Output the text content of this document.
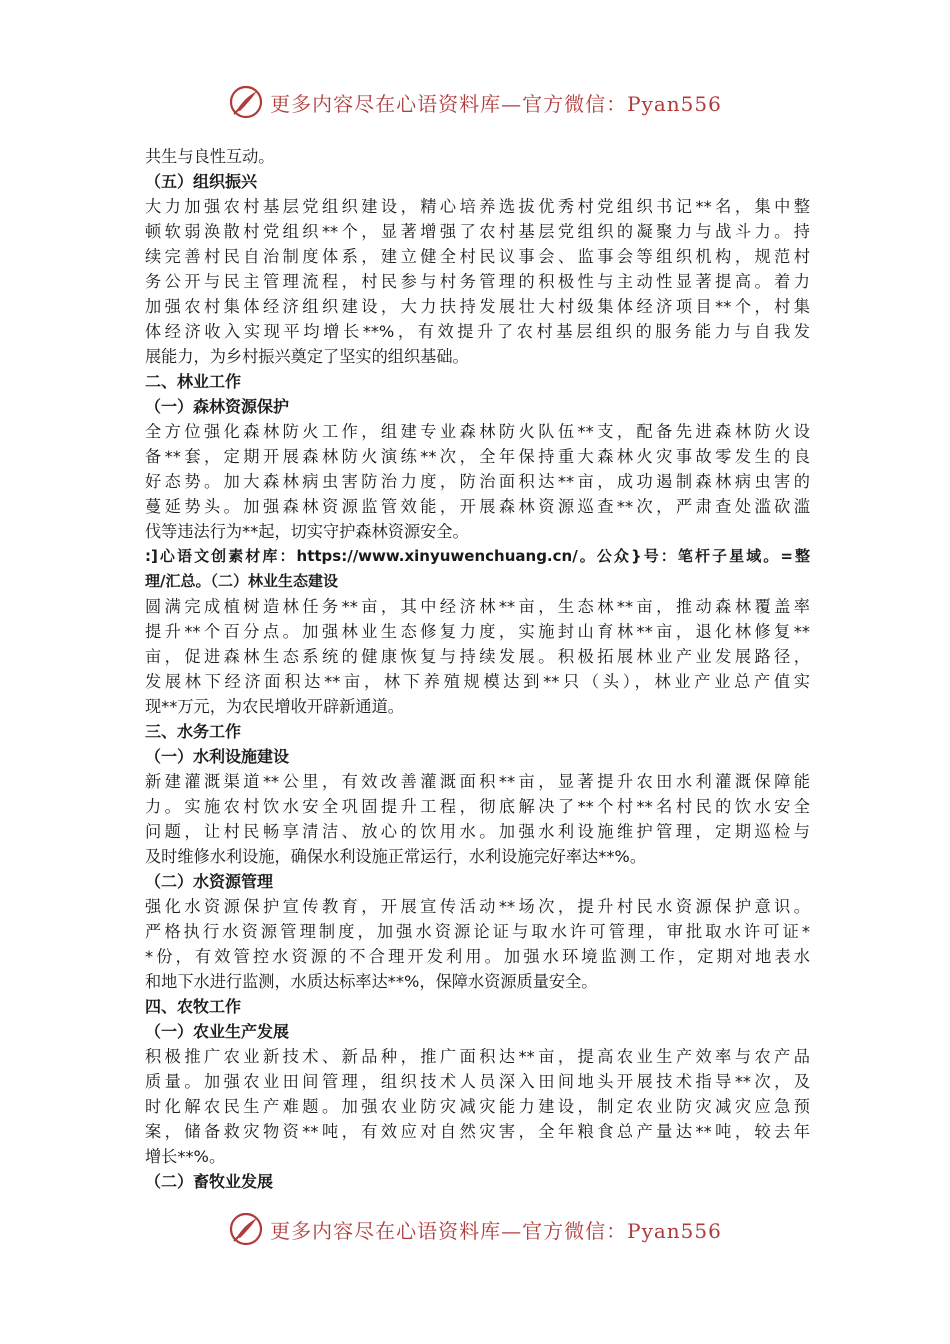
更多内容尽在心语资料库—官方微信：Pyan556
共生与良性互动。
（五）组织振兴
大力加强农村基层党组织建设，精心培养选拔优秀村党组织书记**名，集中整
顿软弱涣散村党组织**个，显著增强了农村基层党组织的凝聚力与战斗力。持
续完善村民自治制度体系，建立健全村民议事会、监事会等组织机构，规范村
务公开与民主管理流程，村民参与村务管理的积极性与主动性显著提高。着力
加强农村集体经济组织建设，大力扶持发展壮大村级集体经济项目**个，村集
体经济收入实现平均增长**%，有效提升了农村基层组织的服务能力与自我发
展能力，为乡村振兴奠定了坚实的组织基础。
二、林业工作
（一）森林资源保护
全方位强化森林防火工作，组建专业森林防火队伍**支，配备先进森林防火设
备**套，定期开展森林防火演练**次，全年保持重大森林火灾事故零发生的良
好态势。加大森林病虫害防治力度，防治面积达**亩，成功遏制森林病虫害的
蔓延势头。加强森林资源监管效能，开展森林资源巡查**次，严肃查处滥砍滥
伐等违法行为**起，切实守护森林资源安全。
:]心语文创素材库：https://www.xinyuwenchuang.cn/。公众}号：笔杆子星域。=整
理/汇总。（二）林业生态建设
圆满完成植树造林任务**亩，其中经济林**亩，生态林**亩，推动森林覆盖率
提升**个百分点。加强林业生态修复力度，实施封山育林**亩，退化林修复**
亩，促进森林生态系统的健康恢复与持续发展。积极拓展林业产业发展路径，
发展林下经济面积达**亩，林下养殖规模达到**只（头），林业产业总产值实
现**万元，为农民增收开辟新通道。
三、水务工作
（一）水利设施建设
新建灌溉渠道**公里，有效改善灌溉面积**亩，显著提升农田水利灌溉保障能
力。实施农村饮水安全巩固提升工程，彻底解决了**个村**名村民的饮水安全
问题，让村民畅享清洁、放心的饮用水。加强水利设施维护管理，定期巡检与
及时维修水利设施，确保水利设施正常运行，水利设施完好率达**%。
（二）水资源管理
强化水资源保护宣传教育，开展宣传活动**场次，提升村民水资源保护意识。
严格执行水资源管理制度，加强水资源论证与取水许可管理，审批取水许可证*
*份，有效管控水资源的不合理开发利用。加强水环境监测工作，定期对地表水
和地下水进行监测，水质达标率达**%，保障水资源质量安全。
四、农牧工作
（一）农业生产发展
积极推广农业新技术、新品种，推广面积达**亩，提高农业生产效率与农产品
质量。加强农业田间管理，组织技术人员深入田间地头开展技术指导**次，及
时化解农民生产难题。加强农业防灾减灾能力建设，制定农业防灾减灾应急预
案，储备救灾物资**吨，有效应对自然灾害，全年粮食总产量达**吨，较去年
增长**%。
（二）畜牧业发展
更多内容尽在心语资料库—官方微信：Pyan556
